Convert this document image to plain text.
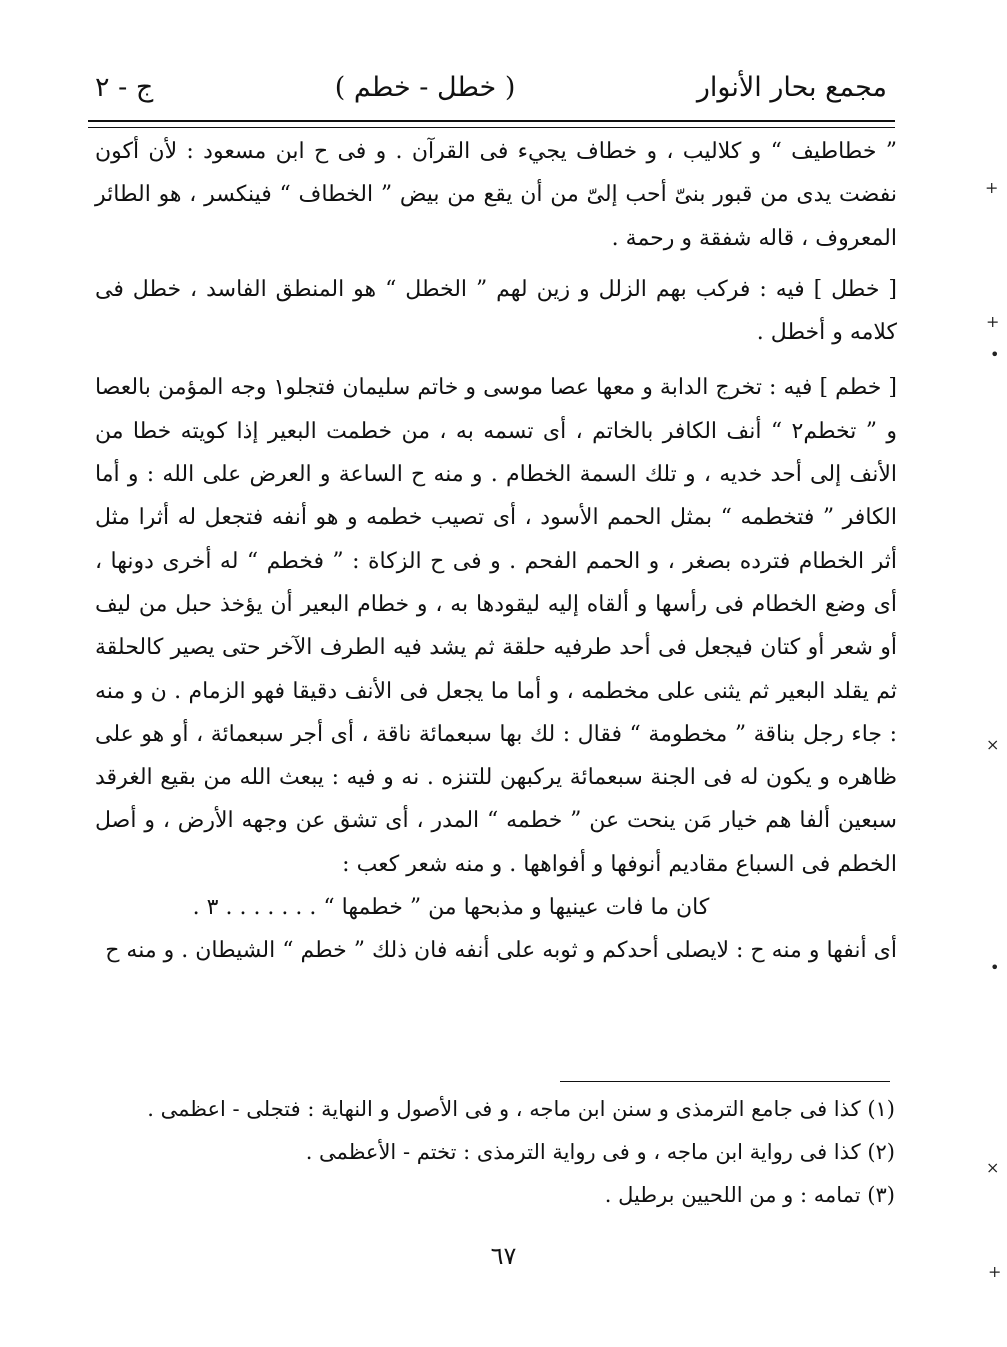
مجمع بحار الأنوار
( خطل - خطم )
ج - ٢

” خطاطيف “ و كلاليب ، و خطاف يجيء فى القرآن . و فى ح ابن مسعود : لأن أكون نفضت يدى من قبور بنىّ أحب إلىّ من أن يقع من بيض ” الخطاف “ فينكسر ، هو الطائر المعروف ، قاله شفقة و رحمة .

[ خطل ] فيه : فركب بهم الزلل و زين لهم ” الخطل “ هو المنطق الفاسد ، خطل فى كلامه و أخطل .

[ خطم ] فيه : تخرج الدابة و معها عصا موسى و خاتم سليمان فتجلو١ وجه المؤمن بالعصا و ” تخطم٢ “ أنف الكافر بالخاتم ، أى تسمه به ، من خطمت البعير إذا كويته خطا من الأنف إلى أحد خديه ، و تلك السمة الخطام . و منه ح الساعة و العرض على الله : و أما الكافر ” فتخطمه “ بمثل الحمم الأسود ، أى تصيب خطمه و هو أنفه فتجعل له أثرا مثل أثر الخطام فترده بصغر ، و الحمم الفحم . و فى ح الزكاة : ” فخطم “ له أخرى دونها ، أى وضع الخطام فى رأسها و ألقاه إليه ليقودها به ، و خطام البعير أن يؤخذ حبل من ليف أو شعر أو كتان فيجعل فى أحد طرفيه حلقة ثم يشد فيه الطرف الآخر حتى يصير كالحلقة ثم يقلد البعير ثم يثنى على مخطمه ، و أما ما يجعل فى الأنف دقيقا فهو الزمام . ن و منه : جاء رجل بناقة ” مخطومة “ فقال : لك بها سبعمائة ناقة ، أى أجر سبعمائة ، أو هو على ظاهره و يكون له فى الجنة سبعمائة يركبهن للتنزه . نه و فيه : يبعث الله من بقيع الغرقد سبعين ألفا هم خيار مَن ينحت عن ” خطمه “ المدر ، أى تشق عن وجهه الأرض ، و أصل الخطم فى السباع مقاديم أنوفها و أفواهها . و منه شعر كعب :

كان ما فات عينيها و مذبحها من ” خطمها “ . . . . . . . ٣ .

أى أنفها و منه ح : لايصلى أحدكم و ثوبه على أنفه فان ذلك ” خطم “ الشيطان . و منه ح

(١) كذا فى جامع الترمذى و سنن ابن ماجه ، و فى الأصول و النهاية : فتجلى - اعظمى .

(٢) كذا فى رواية ابن ماجه ، و فى رواية الترمذى : تختم - الأعظمى .

(٣) تمامه : و من اللحيين برطيل .

٦٧
+
+
•
×
•
×
+
